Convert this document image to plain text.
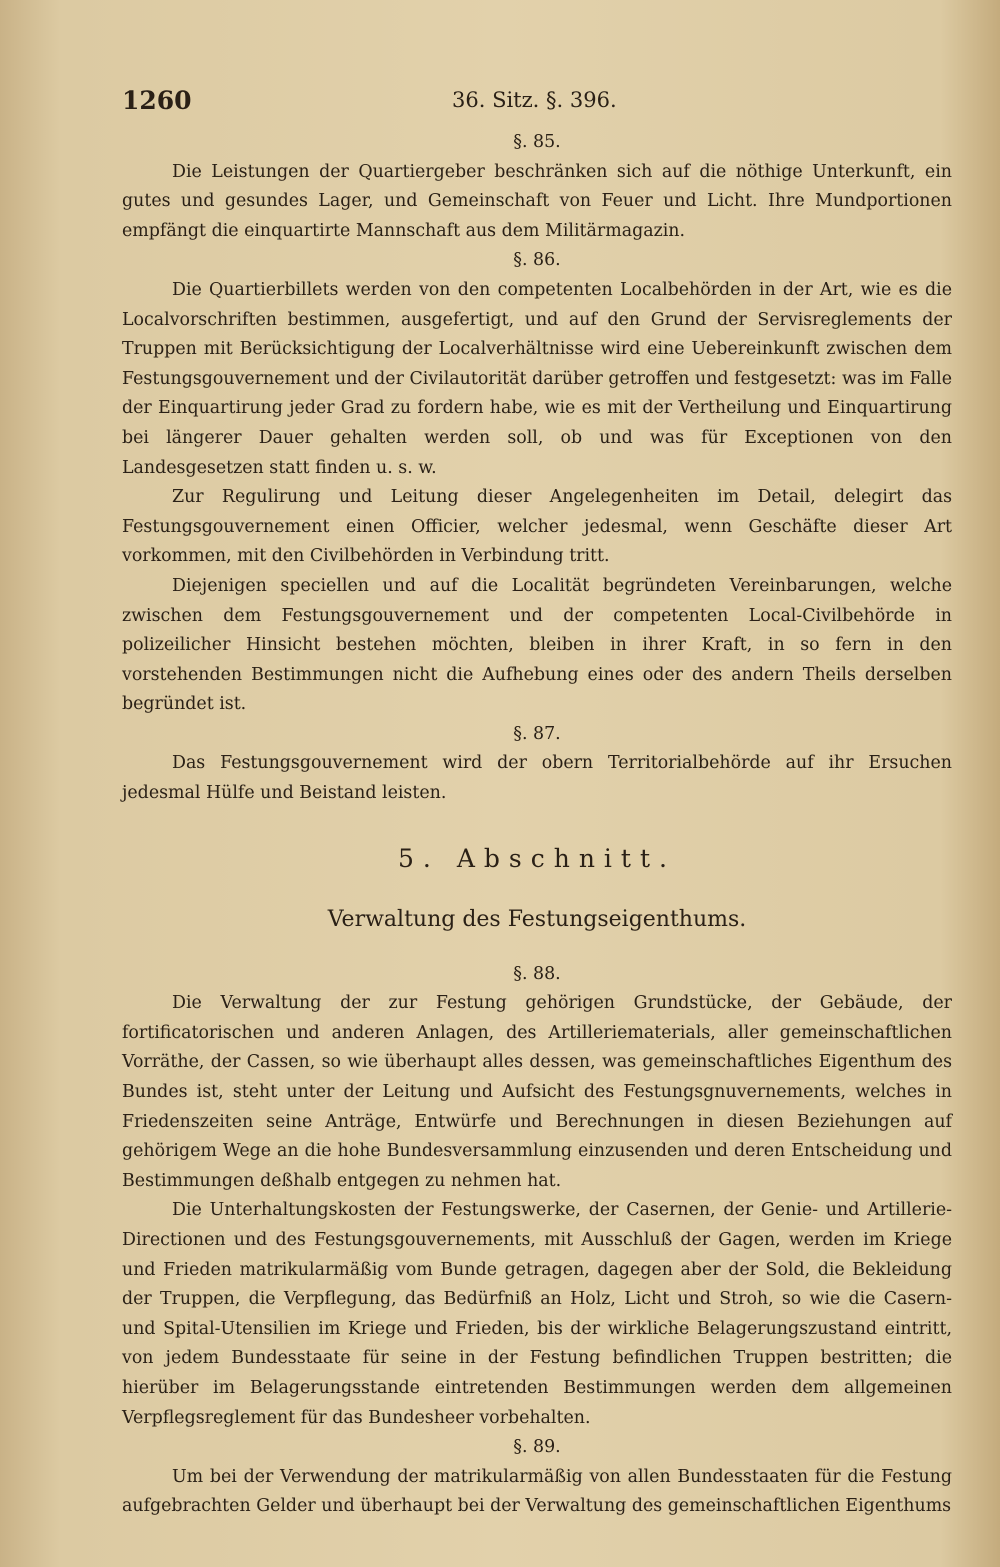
1260	36. Sitz. §. 396.

§. 85.

Die Leistungen der Quartiergeber beschränken sich auf die nöthige Unterkunft, ein gutes und gesundes Lager, und Gemeinschaft von Feuer und Licht. Ihre Mundportionen empfängt die einquartirte Mannschaft aus dem Militärmagazin.

§. 86.

Die Quartierbillets werden von den competenten Localbehörden in der Art, wie es die Localvorschriften bestimmen, ausgefertigt, und auf den Grund der Servisreglements der Truppen mit Berücksichtigung der Localverhältnisse wird eine Uebereinkunft zwischen dem Festungsgouvernement und der Civilautorität darüber getroffen und festgesetzt: was im Falle der Einquartirung jeder Grad zu fordern habe, wie es mit der Vertheilung und Einquartirung bei längerer Dauer gehalten werden soll, ob und was für Exceptionen von den Landesgesetzen statt finden u. s. w.

Zur Regulirung und Leitung dieser Angelegenheiten im Detail, delegirt das Festungsgouvernement einen Officier, welcher jedesmal, wenn Geschäfte dieser Art vorkommen, mit den Civilbehörden in Verbindung tritt.

Diejenigen speciellen und auf die Localität begründeten Vereinbarungen, welche zwischen dem Festungsgouvernement und der competenten Local-Civilbehörde in polizeilicher Hinsicht bestehen möchten, bleiben in ihrer Kraft, in so fern in den vorstehenden Bestimmungen nicht die Aufhebung eines oder des andern Theils derselben begründet ist.

§. 87.

Das Festungsgouvernement wird der obern Territorialbehörde auf ihr Ersuchen jedesmal Hülfe und Beistand leisten.

5. Abschnitt.

Verwaltung des Festungseigenthums.

§. 88.

Die Verwaltung der zur Festung gehörigen Grundstücke, der Gebäude, der fortificatorischen und anderen Anlagen, des Artilleriematerials, aller gemeinschaftlichen Vorräthe, der Cassen, so wie überhaupt alles dessen, was gemeinschaftliches Eigenthum des Bundes ist, steht unter der Leitung und Aufsicht des Festungsgnuvernements, welches in Friedenszeiten seine Anträge, Entwürfe und Berechnungen in diesen Beziehungen auf gehörigem Wege an die hohe Bundesversammlung einzusenden und deren Entscheidung und Bestimmungen deßhalb entgegen zu nehmen hat.

Die Unterhaltungskosten der Festungswerke, der Casernen, der Genie- und Artillerie-Directionen und des Festungsgouvernements, mit Ausschluß der Gagen, werden im Kriege und Frieden matrikularmäßig vom Bunde getragen, dagegen aber der Sold, die Bekleidung der Truppen, die Verpflegung, das Bedürfniß an Holz, Licht und Stroh, so wie die Casern- und Spital-Utensilien im Kriege und Frieden, bis der wirkliche Belagerungszustand eintritt, von jedem Bundesstaate für seine in der Festung befindlichen Truppen bestritten; die hierüber im Belagerungsstande eintretenden Bestimmungen werden dem allgemeinen Verpflegsreglement für das Bundesheer vorbehalten.

§. 89.

Um bei der Verwendung der matrikularmäßig von allen Bundesstaaten für die Festung aufgebrachten Gelder und überhaupt bei der Verwaltung des gemeinschaftlichen Eigenthums
